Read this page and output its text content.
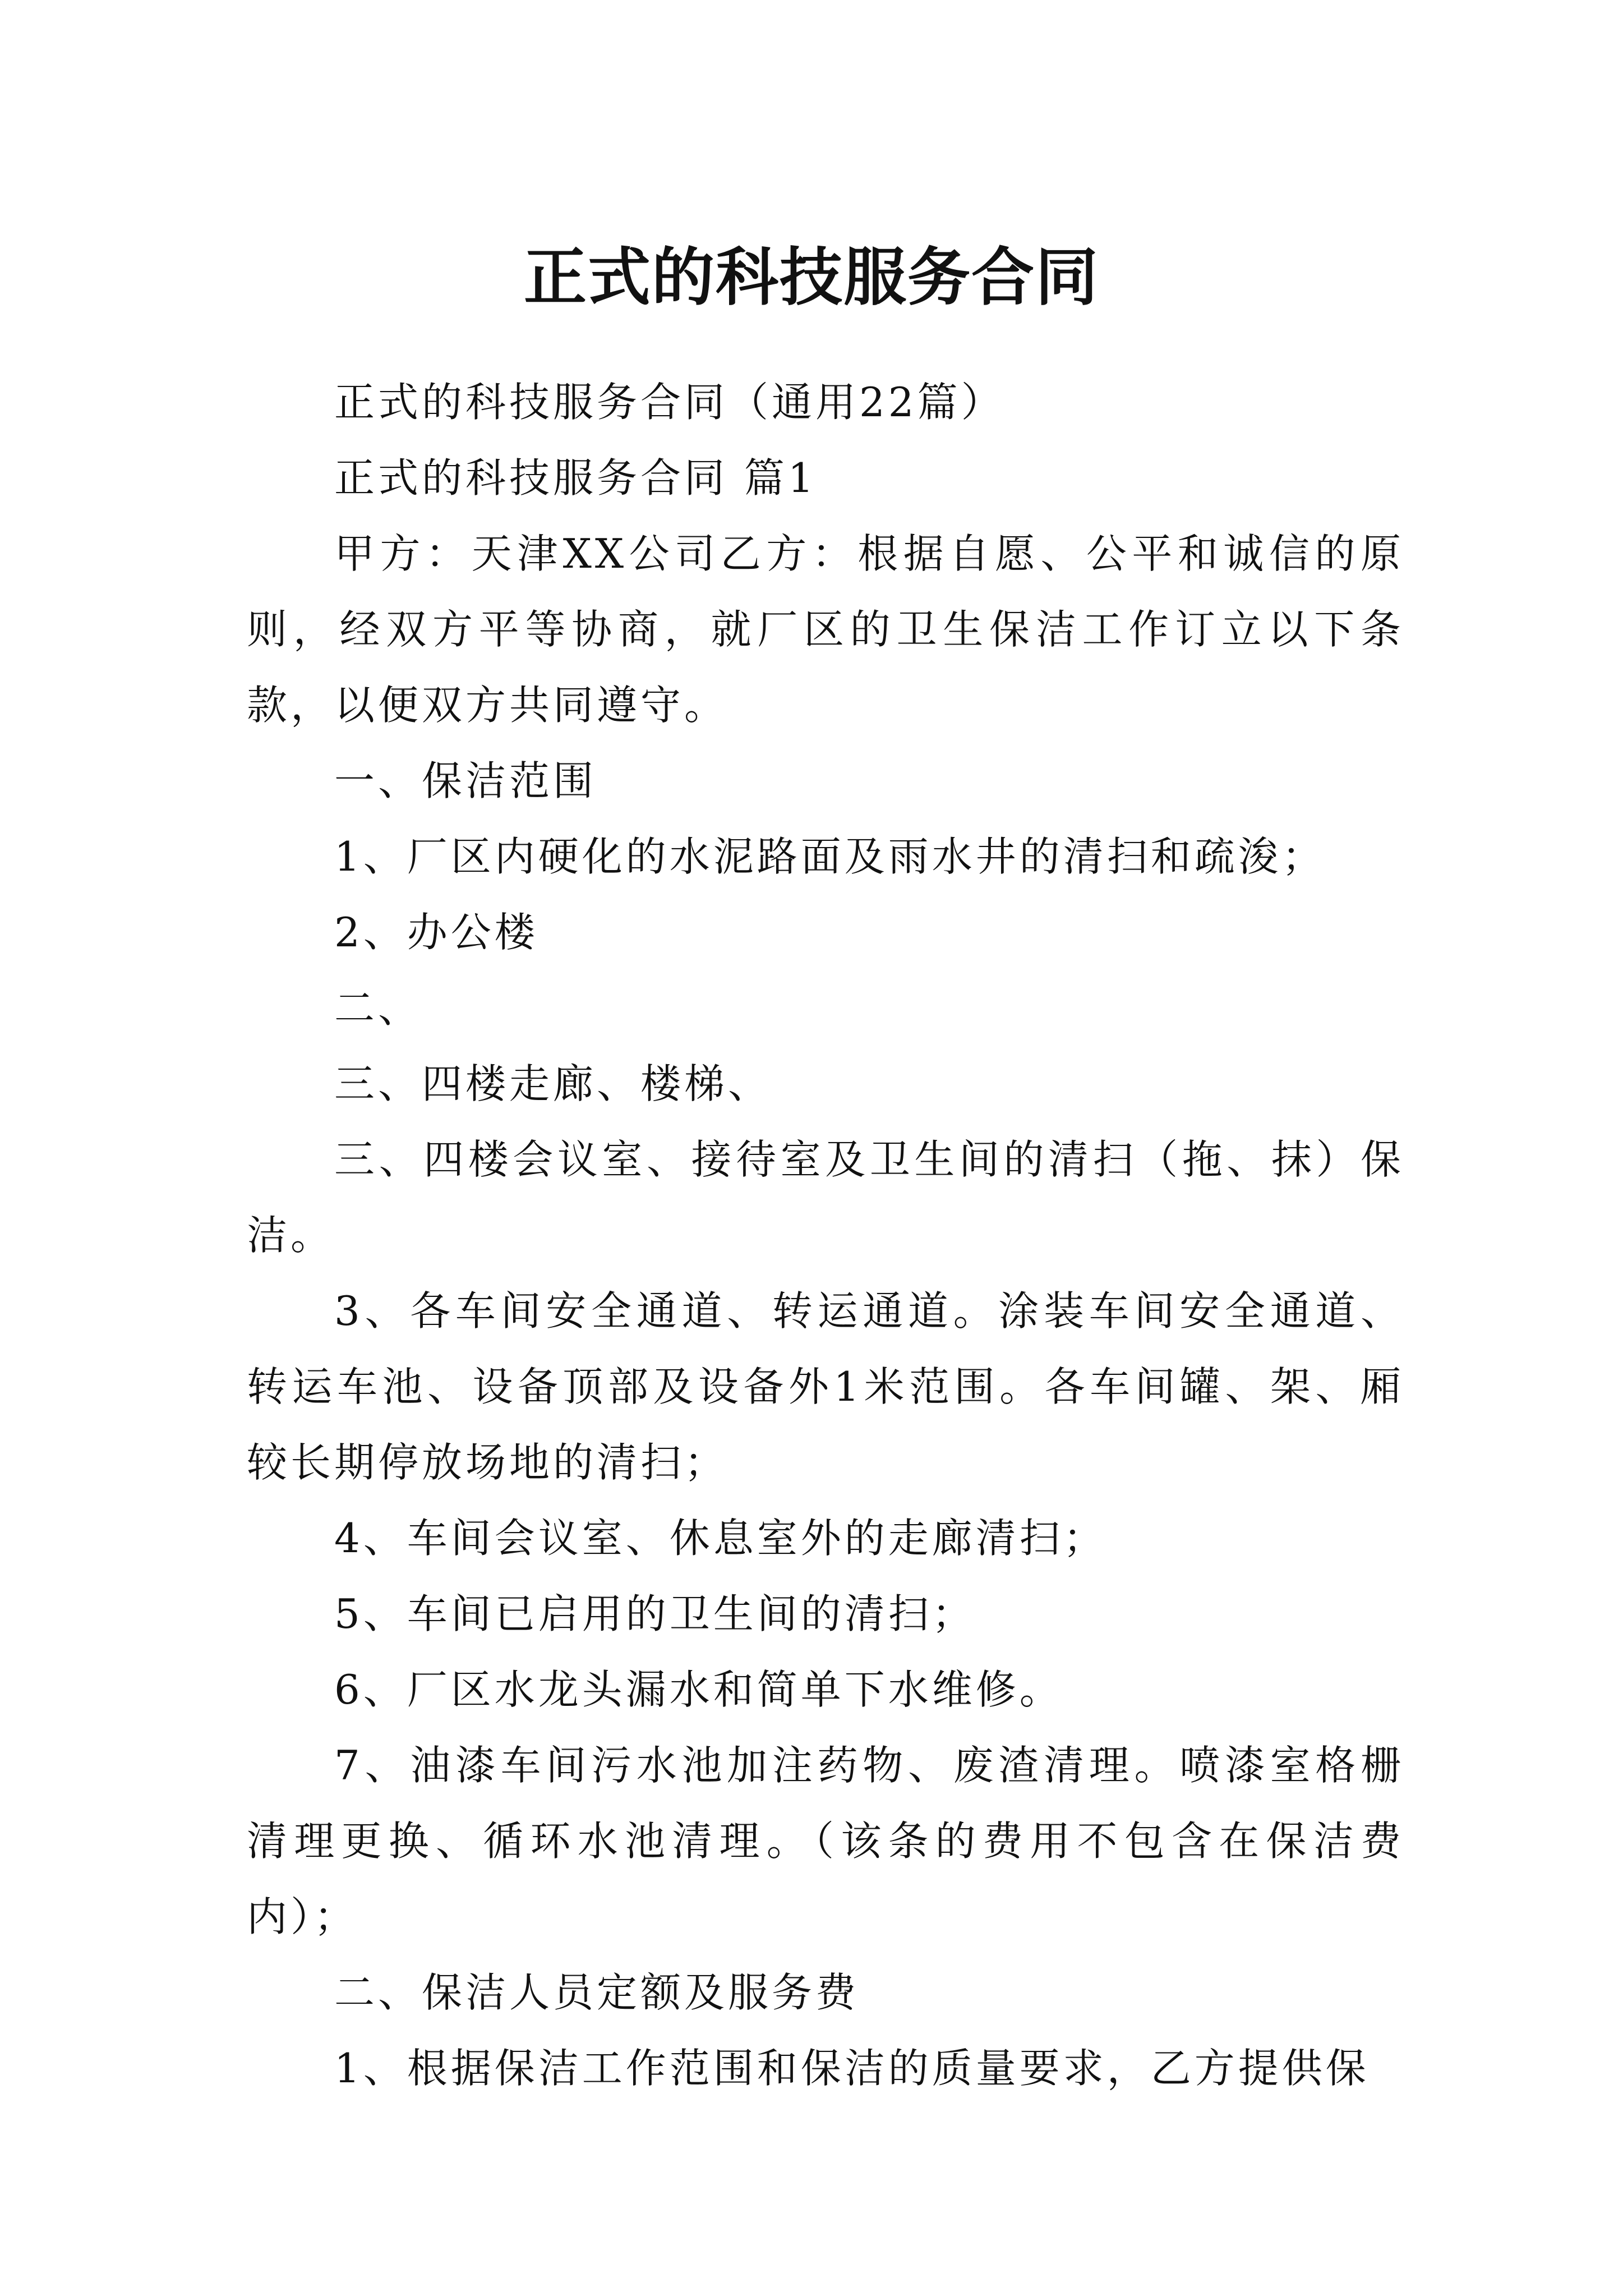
正式的科技服务合同

正式的科技服务合同（通用22篇）

正式的科技服务合同 篇1

甲方：天津XX公司乙方：根据自愿、公平和诚信的原则，经双方平等协商，就厂区的卫生保洁工作订立以下条款，以便双方共同遵守。

一、保洁范围

1、厂区内硬化的水泥路面及雨水井的清扫和疏浚；

2、办公楼

二、

三、四楼走廊、楼梯、

三、四楼会议室、接待室及卫生间的清扫（拖、抹）保洁。

3、各车间安全通道、转运通道。涂装车间安全通道、转运车池、设备顶部及设备外1米范围。各车间罐、架、厢较长期停放场地的清扫；

4、车间会议室、休息室外的走廊清扫；

5、车间已启用的卫生间的清扫；

6、厂区水龙头漏水和简单下水维修。

7、油漆车间污水池加注药物、废渣清理。喷漆室格栅清理更换、循环水池清理。（该条的费用不包含在保洁费内）；

二、保洁人员定额及服务费

1、根据保洁工作范围和保洁的质量要求，乙方提供保
